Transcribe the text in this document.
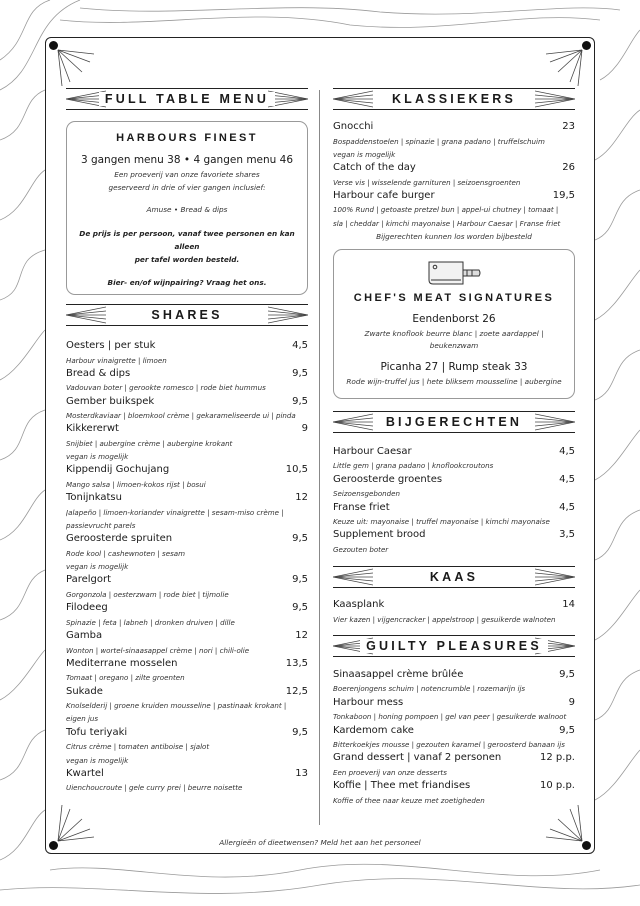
FULL TABLE MENU
HARBOURS FINEST
3 gangen menu 38 • 4 gangen menu 46
Een proeverij van onze favoriete shares
geserveerd in drie of vier gangen inclusief:
Amuse • Bread & dips
De prijs is per persoon, vanaf twee personen en kan alleen
per tafel worden besteld.
Bier- en/of wijnpairing? Vraag het ons.
SHARES
Oesters | per stuk	4,5
Harbour vinaigrette | limoen
Bread & dips	9,5
Vadouvan boter | gerookte romesco | rode biet hummus
Gember buikspek	9,5
Mosterdkaviaar | bloemkool crème | gekarameliseerde ui | pinda
Kikkererwt	9
Snijbiet | aubergine crème | aubergine krokant
vegan is mogelijk
Kippendij Gochujang	10,5
Mango salsa | limoen-kokos rijst | bosui
Tonijnkatsu	12
Jalapeño | limoen-koriander vinaigrette | sesam-miso crème |
passievrucht parels
Geroosterde spruiten	9,5
Rode kool | cashewnoten | sesam
vegan is mogelijk
Parelgort	9,5
Gorgonzola | oesterzwam | rode biet | tijmolie
Filodeeg	9,5
Spinazie | feta | labneh | dronken druiven | dille
Gamba	12
Wonton | wortel-sinaasappel crème | nori | chili-olie
Mediterrane mosselen	13,5
Tomaat | oregano | zilte groenten
Sukade	12,5
Knolselderij | groene kruiden mousseline | pastinaak krokant |
eigen jus
Tofu teriyaki	9,5
Citrus crème | tomaten antiboise | sjalot
vegan is mogelijk
Kwartel	13
Uienchoucroute | gele curry prei | beurre noisette
KLASSIEKERS
Gnocchi	23
Bospaddenstoelen | spinazie | grana padano | truffelschuim
vegan is mogelijk
Catch of the day	26
Verse vis | wisselende garnituren | seizoensgroenten
Harbour cafe burger	19,5
100% Rund | getoaste pretzel bun | appel-ui chutney | tomaat |
sla | cheddar | kimchi mayonaise | Harbour Caesar | Franse friet
Bijgerechten kunnen los worden bijbesteld
CHEF'S MEAT SIGNATURES
Eendenborst 26
Zwarte knoflook beurre blanc | zoete aardappel |
beukenzwam
Picanha 27 | Rump steak 33
Rode wijn-truffel jus | hete bliksem mousseline | aubergine
BIJGERECHTEN
Harbour Caesar	4,5
Little gem | grana padano | knoflookcroutons
Geroosterde groentes	4,5
Seizoensgebonden
Franse friet	4,5
Keuze uit: mayonaise | truffel mayonaise | kimchi mayonaise
Supplement brood	3,5
Gezouten boter
KAAS
Kaasplank	14
Vier kazen | vijgencracker | appelstroop | gesuikerde walnoten
GUILTY PLEASURES
Sinaasappel crème brûlée	9,5
Boerenjongens schuim | notencrumble | rozemarijn ijs
Harbour mess	9
Tonkaboon | honing pompoen | gel van peer | gesuikerde walnoot
Kardemom cake	9,5
Bitterkoekjes mousse | gezouten karamel | geroosterd banaan ijs
Grand dessert | vanaf 2 personen	12 p.p.
Een proeverij van onze desserts
Koffie | Thee met friandises	10 p.p.
Koffie of thee naar keuze met zoetigheden
Allergieën of dieetwensen? Meld het aan het personeel
